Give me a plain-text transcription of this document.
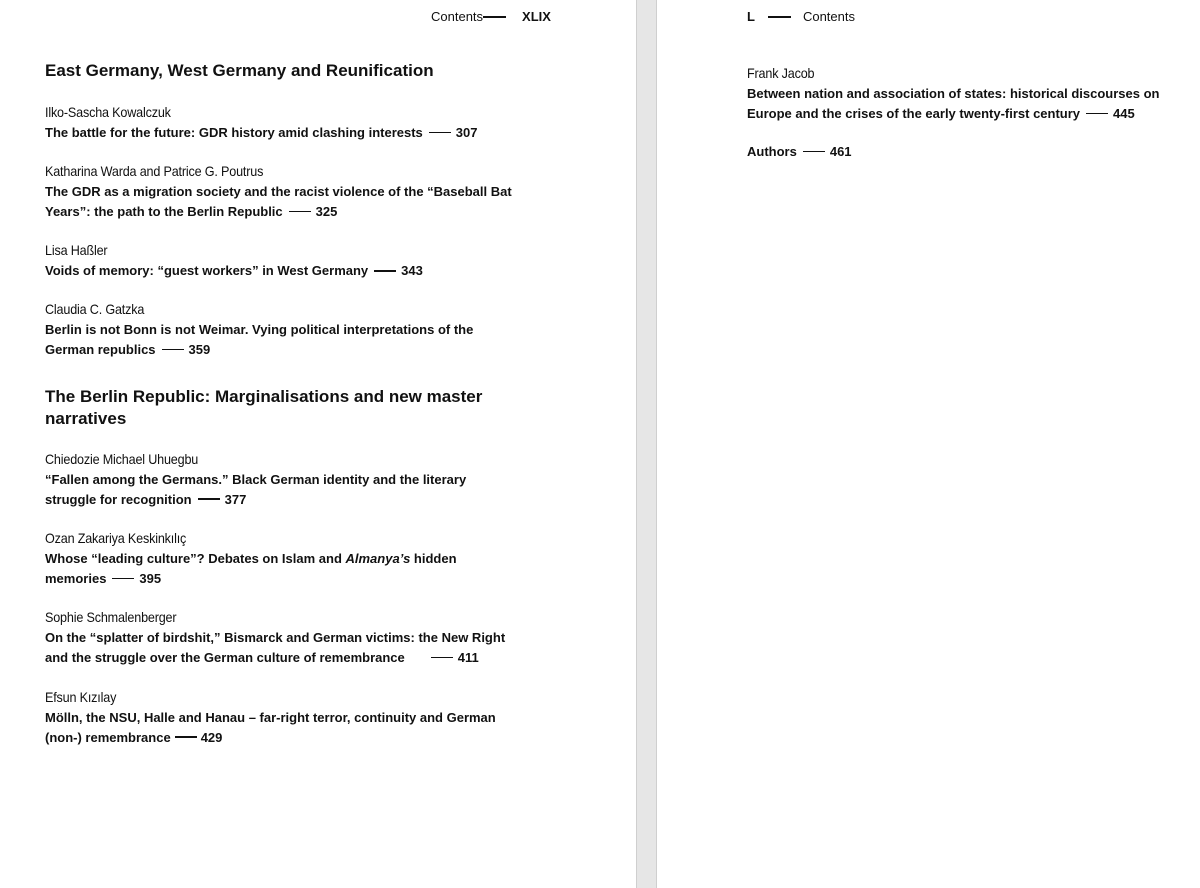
Contents	XLIX
East Germany, West Germany and Reunification
Ilko-Sascha Kowalczuk
The battle for the future: GDR history amid clashing interests	307
Katharina Warda and Patrice G. Poutrus
The GDR as a migration society and the racist violence of the “Baseball Bat Years”: the path to the Berlin Republic	325
Lisa Haßler
Voids of memory: “guest workers” in West Germany	343
Claudia C. Gatzka
Berlin is not Bonn is not Weimar. Vying political interpretations of the German republics	359
The Berlin Republic: Marginalisations and new master narratives
Chiedozie Michael Uhuegbu
“Fallen among the Germans.” Black German identity and the literary struggle for recognition	377
Ozan Zakariya Keskinkılıç
Whose “leading culture”? Debates on Islam and Almanya’s hidden memories	395
Sophie Schmalenberger
On the “splatter of birdshit,” Bismarck and German victims: the New Right and the struggle over the German culture of remembrance	411
Efsun Kızılay
Mölln, the NSU, Halle and Hanau – far-right terror, continuity and German (non-) remembrance 429
L	Contents
Frank Jacob
Between nation and association of states: historical discourses on Europe and the crises of the early twenty-first century	445
Authors	461
